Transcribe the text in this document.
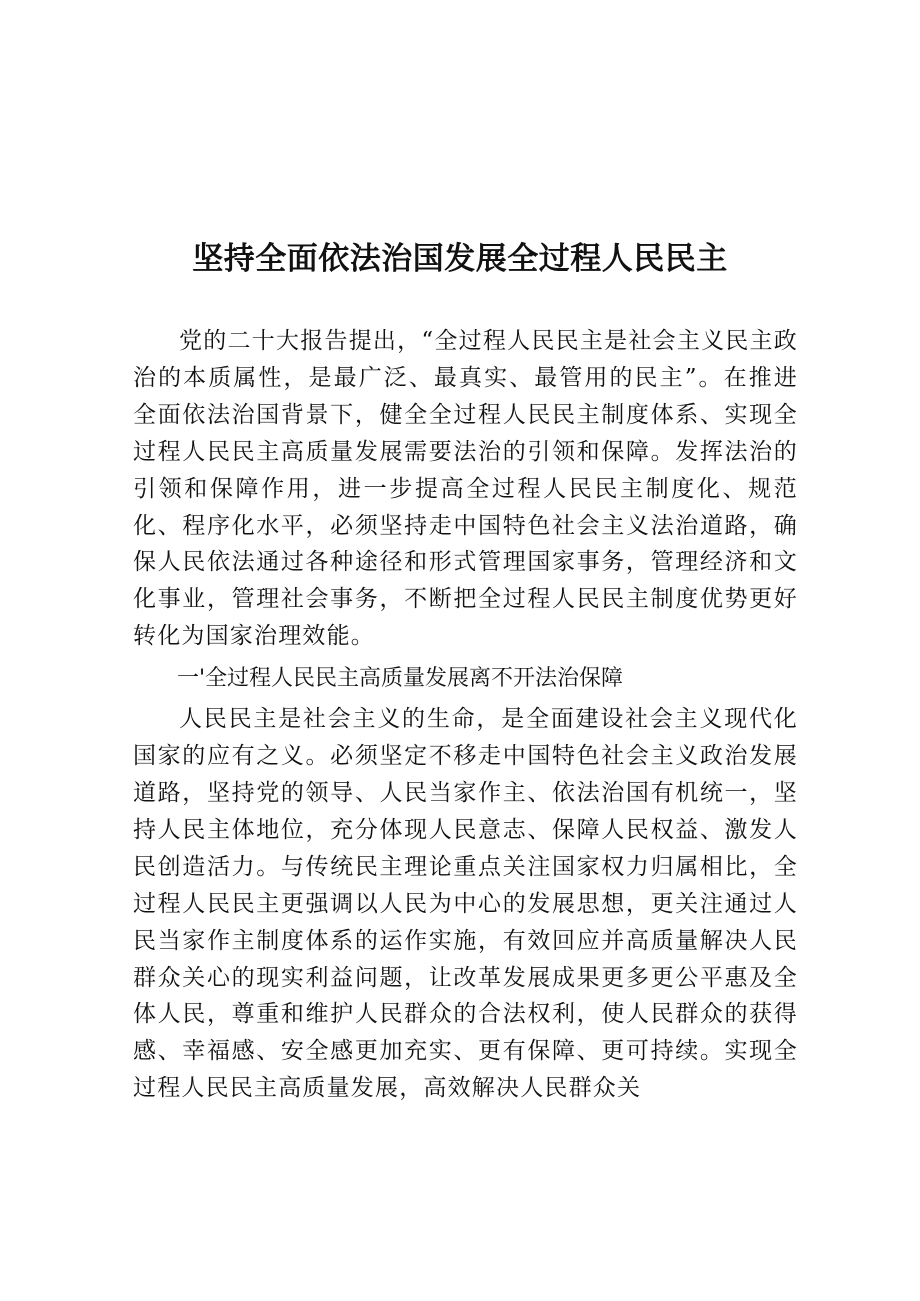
坚持全面依法治国发展全过程人民民主

党的二十大报告提出，“全过程人民民主是社会主义民主政治的本质属性，是最广泛、最真实、最管用的民主”。在推进全面依法治国背景下，健全全过程人民民主制度体系、实现全过程人民民主高质量发展需要法治的引领和保障。发挥法治的引领和保障作用，进一步提高全过程人民民主制度化、规范化、程序化水平，必须坚持走中国特色社会主义法治道路，确保人民依法通过各种途径和形式管理国家事务，管理经济和文化事业，管理社会事务，不断把全过程人民民主制度优势更好转化为国家治理效能。

一'全过程人民民主高质量发展离不开法治保障

人民民主是社会主义的生命，是全面建设社会主义现代化国家的应有之义。必须坚定不移走中国特色社会主义政治发展道路，坚持党的领导、人民当家作主、依法治国有机统一，坚持人民主体地位，充分体现人民意志、保障人民权益、激发人民创造活力。与传统民主理论重点关注国家权力归属相比，全过程人民民主更强调以人民为中心的发展思想，更关注通过人民当家作主制度体系的运作实施，有效回应并高质量解决人民群众关心的现实利益问题，让改革发展成果更多更公平惠及全体人民，尊重和维护人民群众的合法权利，使人民群众的获得感、幸福感、安全感更加充实、更有保障、更可持续。实现全过程人民民主高质量发展，高效解决人民群众关
